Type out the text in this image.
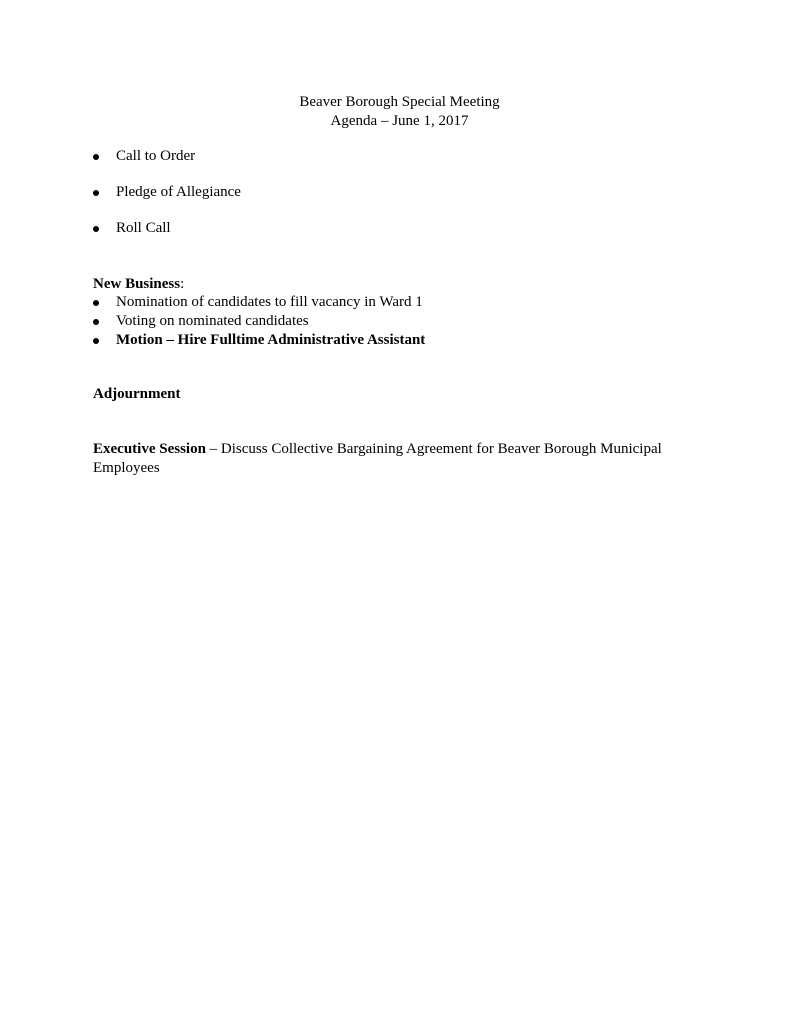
Beaver Borough Special Meeting
Agenda – June 1, 2017
Call to Order
Pledge of Allegiance
Roll Call
New Business:
Nomination of candidates to fill vacancy in Ward 1
Voting on nominated candidates
Motion – Hire Fulltime Administrative Assistant
Adjournment
Executive Session – Discuss Collective Bargaining Agreement for Beaver Borough Municipal Employees
